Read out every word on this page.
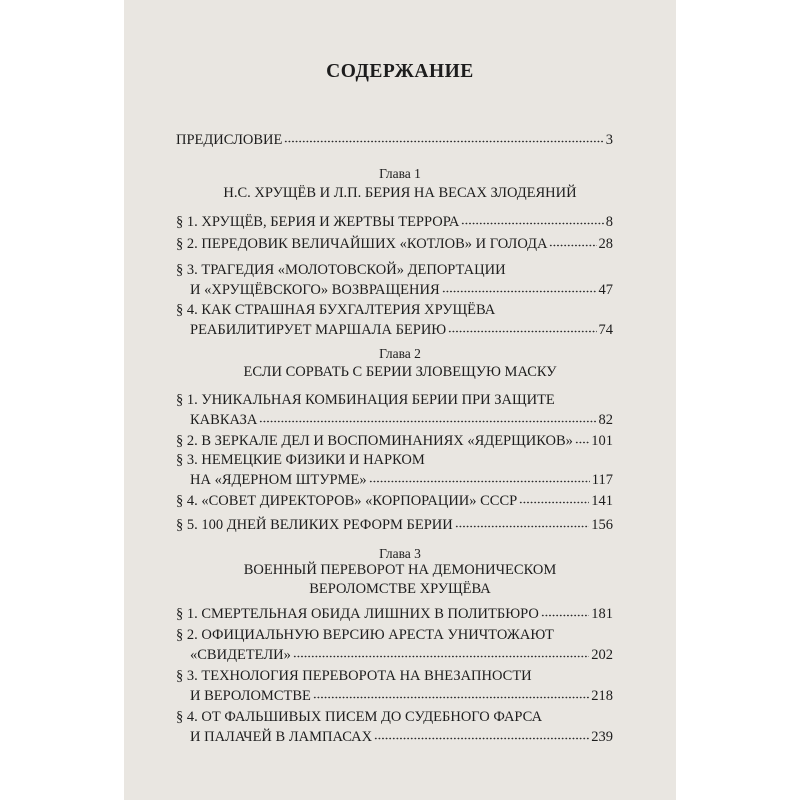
СОДЕРЖАНИЕ
ПРЕДИСЛОВИЕ	3
Глава 1
Н.С. ХРУЩЁВ И Л.П. БЕРИЯ НА ВЕСАХ ЗЛОДЕЯНИЙ
§ 1. ХРУЩЁВ, БЕРИЯ И ЖЕРТВЫ ТЕРРОРА	8
§ 2. ПЕРЕДОВИК ВЕЛИЧАЙШИХ «КОТЛОВ» И ГОЛОДА	28
§ 3. ТРАГЕДИЯ «МОЛОТОВСКОЙ» ДЕПОРТАЦИИ
И «ХРУЩЁВСКОГО» ВОЗВРАЩЕНИЯ	47
§ 4. КАК СТРАШНАЯ БУХГАЛТЕРИЯ ХРУЩЁВА
РЕАБИЛИТИРУЕТ МАРШАЛА БЕРИЮ	74
Глава 2
ЕСЛИ СОРВАТЬ С БЕРИИ ЗЛОВЕЩУЮ МАСКУ
§ 1. УНИКАЛЬНАЯ КОМБИНАЦИЯ БЕРИИ ПРИ ЗАЩИТЕ
КАВКАЗА	82
§ 2. В ЗЕРКАЛЕ ДЕЛ И ВОСПОМИНАНИЯХ «ЯДЕРЩИКОВ» 101
§ 3. НЕМЕЦКИЕ ФИЗИКИ И НАРКОМ
НА «ЯДЕРНОМ ШТУРМЕ»	117
§ 4. «СОВЕТ ДИРЕКТОРОВ» «КОРПОРАЦИИ» СССР	141
§ 5. 100 ДНЕЙ ВЕЛИКИХ РЕФОРМ БЕРИИ	156
Глава 3
ВОЕННЫЙ ПЕРЕВОРОТ НА ДЕМОНИЧЕСКОМ
ВЕРОЛОМСТВЕ ХРУЩЁВА
§ 1. СМЕРТЕЛЬНАЯ ОБИДА ЛИШНИХ В ПОЛИТБЮРО	181
§ 2. ОФИЦИАЛЬНУЮ ВЕРСИЮ АРЕСТА УНИЧТОЖАЮТ
«СВИДЕТЕЛИ»	202
§ 3. ТЕХНОЛОГИЯ ПЕРЕВОРОТА НА ВНЕЗАПНОСТИ
И ВЕРОЛОМСТВЕ	218
§ 4. ОТ ФАЛЬШИВЫХ ПИСЕМ ДО СУДЕБНОГО ФАРСА
И ПАЛАЧЕЙ В ЛАМПАСАХ	239
